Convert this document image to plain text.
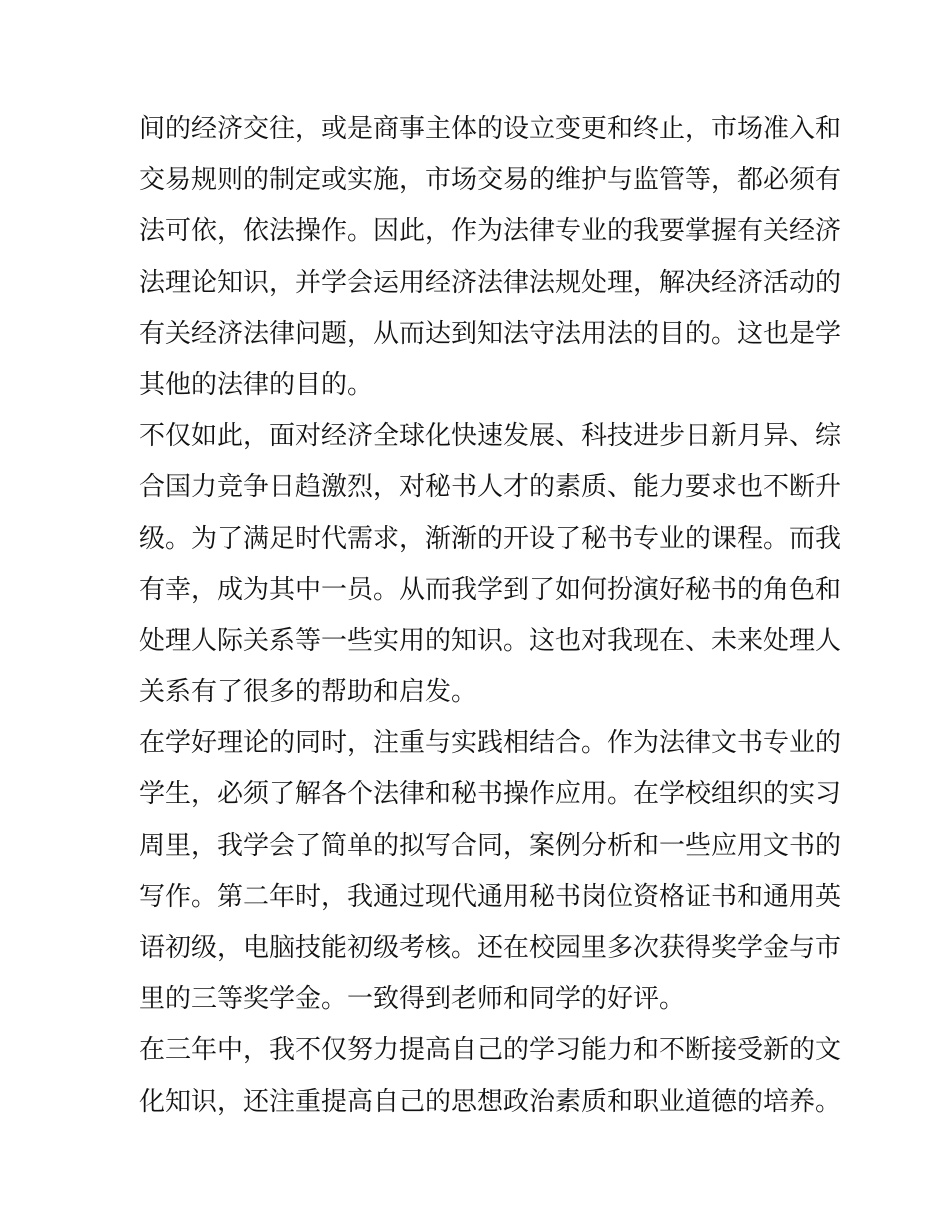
间的经济交往，或是商事主体的设立变更和终止，市场准入和
交易规则的制定或实施，市场交易的维护与监管等，都必须有
法可依，依法操作。因此，作为法律专业的我要掌握有关经济
法理论知识，并学会运用经济法律法规处理，解决经济活动的
有关经济法律问题，从而达到知法守法用法的目的。这也是学
其他的法律的目的。
不仅如此，面对经济全球化快速发展、科技进步日新月异、综
合国力竞争日趋激烈，对秘书人才的素质、能力要求也不断升
级。为了满足时代需求，渐渐的开设了秘书专业的课程。而我
有幸，成为其中一员。从而我学到了如何扮演好秘书的角色和
处理人际关系等一些实用的知识。这也对我现在、未来处理人
关系有了很多的帮助和启发。
在学好理论的同时，注重与实践相结合。作为法律文书专业的
学生，必须了解各个法律和秘书操作应用。在学校组织的实习
周里，我学会了简单的拟写合同，案例分析和一些应用文书的
写作。第二年时，我通过现代通用秘书岗位资格证书和通用英
语初级，电脑技能初级考核。还在校园里多次获得奖学金与市
里的三等奖学金。一致得到老师和同学的好评。
在三年中，我不仅努力提高自己的学习能力和不断接受新的文
化知识，还注重提高自己的思想政治素质和职业道德的培养。
